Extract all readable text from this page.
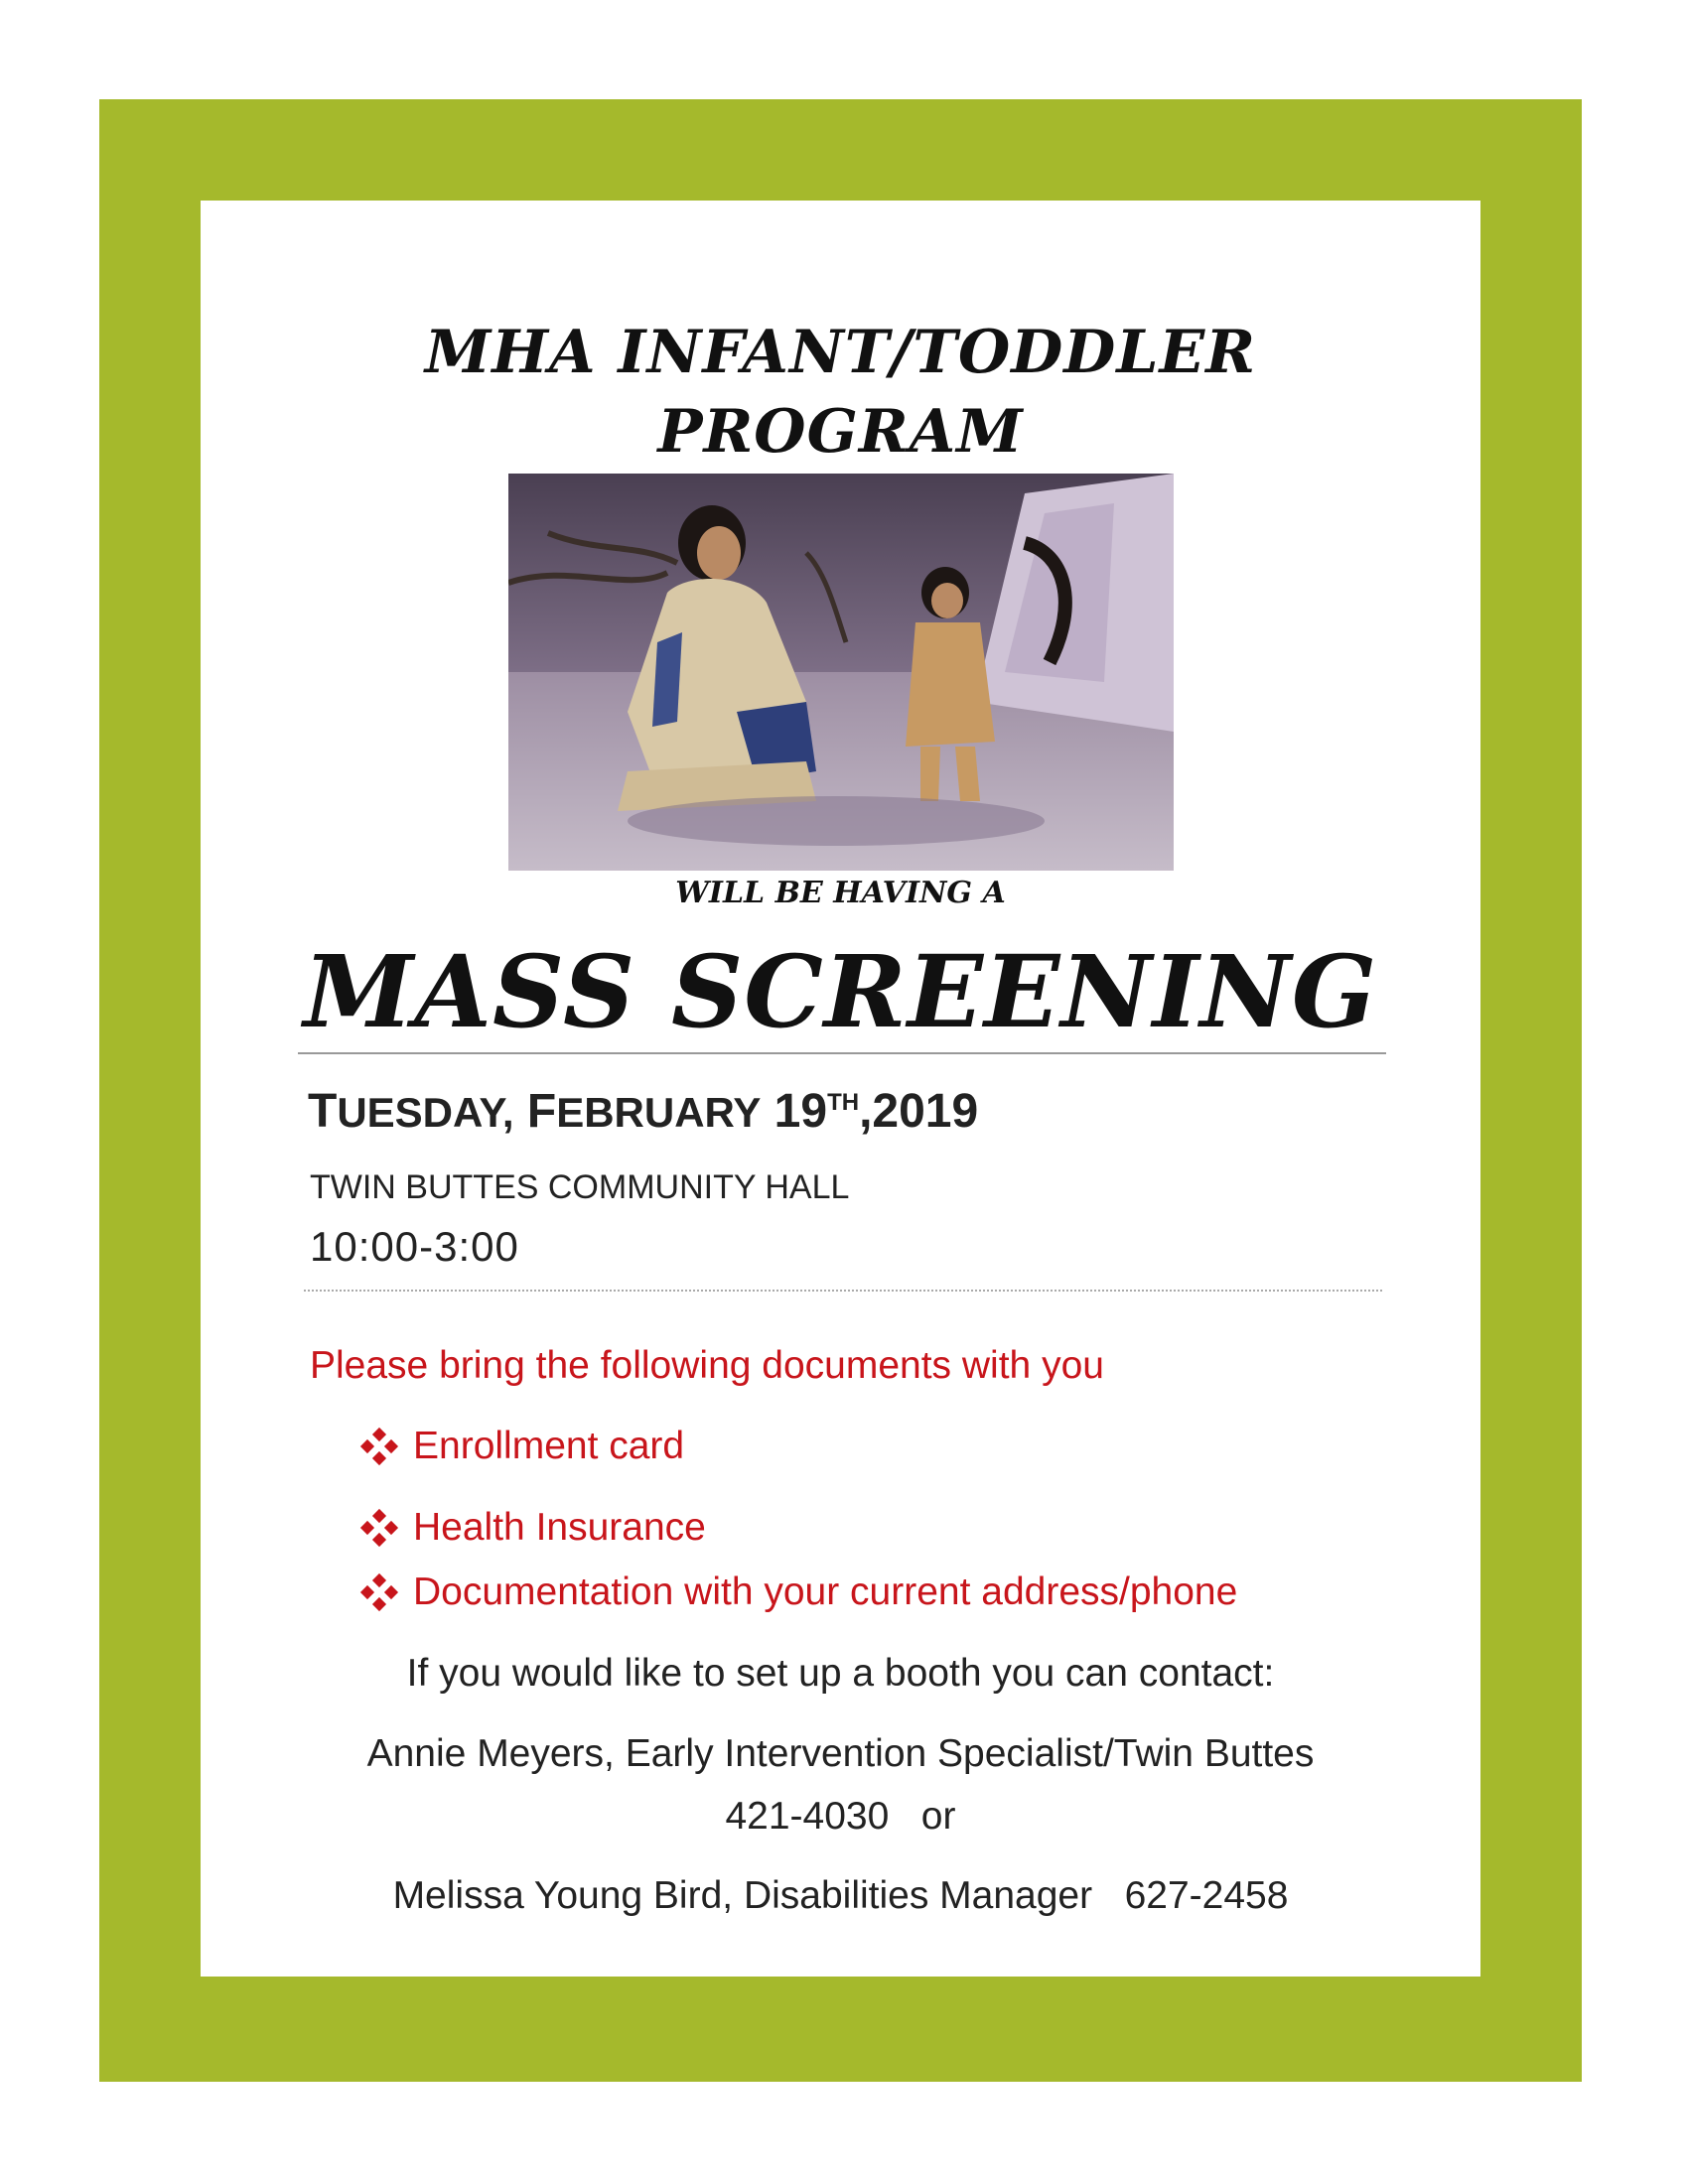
MHA INFANT/TODDLER
PROGRAM
WILL BE HAVING A
MASS SCREENING
TUESDAY, FEBRUARY 19TH,2019
TWIN BUTTES COMMUNITY HALL
10:00-3:00
Please bring the following documents with you
Enrollment card
Health Insurance
Documentation with your current address/phone
If you would like to set up a booth you can contact:
Annie Meyers, Early Intervention Specialist/Twin Buttes
421-4030   or
Melissa Young Bird, Disabilities Manager   627-2458
